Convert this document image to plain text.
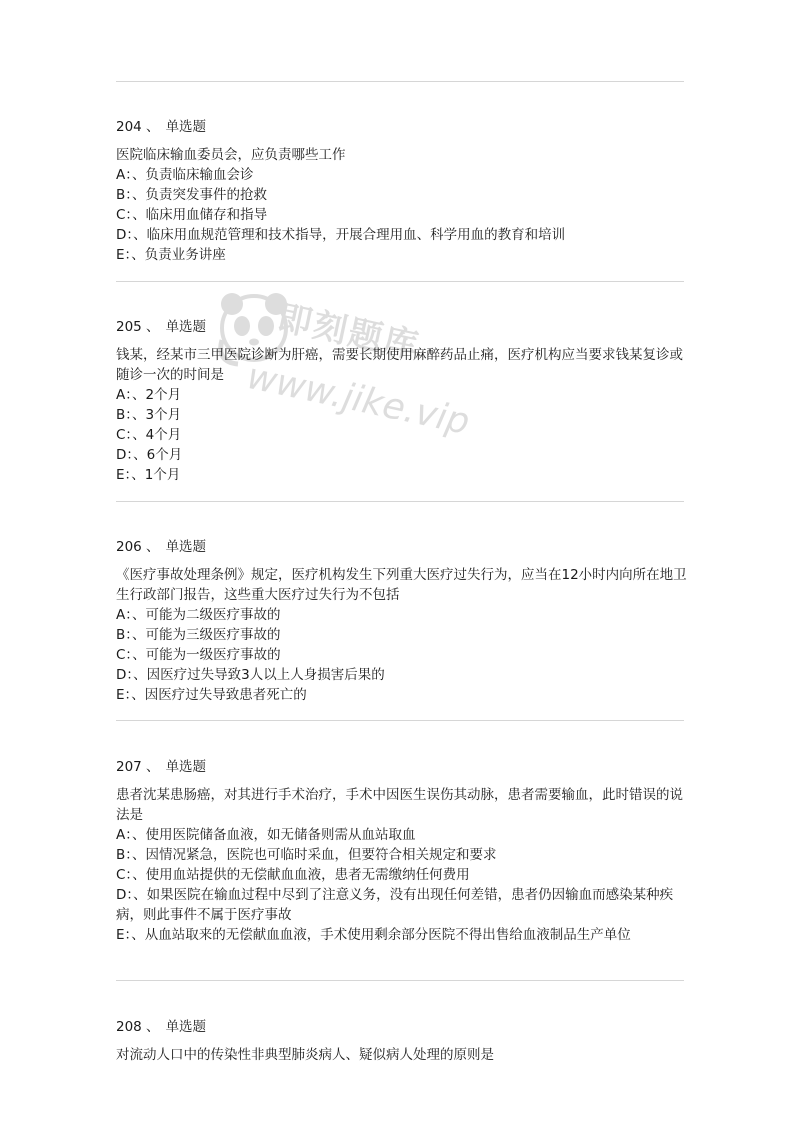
204 、 单选题
医院临床输血委员会，应负责哪些工作
A：、负责临床输血会诊
B：、负责突发事件的抢救
C：、临床用血储存和指导
D：、临床用血规范管理和技术指导，开展合理用血、科学用血的教育和培训
E：、负责业务讲座
205 、 单选题
钱某，经某市三甲医院诊断为肝癌，需要长期使用麻醉药品止痛，医疗机构应当要求钱某复诊或随诊一次的时间是
A：、2个月
B：、3个月
C：、4个月
D：、6个月
E：、1个月
206 、 单选题
《医疗事故处理条例》规定，医疗机构发生下列重大医疗过失行为，应当在12小时内向所在地卫生行政部门报告，这些重大医疗过失行为不包括
A：、可能为二级医疗事故的
B：、可能为三级医疗事故的
C：、可能为一级医疗事故的
D：、因医疗过失导致3人以上人身损害后果的
E：、因医疗过失导致患者死亡的
207 、 单选题
患者沈某患肠癌，对其进行手术治疗，手术中因医生误伤其动脉，患者需要输血，此时错误的说法是
A：、使用医院储备血液，如无储备则需从血站取血
B：、因情况紧急，医院也可临时采血，但要符合相关规定和要求
C：、使用血站提供的无偿献血血液，患者无需缴纳任何费用
D：、如果医院在输血过程中尽到了注意义务，没有出现任何差错，患者仍因输血而感染某种疾病，则此事件不属于医疗事故
E：、从血站取来的无偿献血血液，手术使用剩余部分医院不得出售给血液制品生产单位
208 、 单选题
对流动人口中的传染性非典型肺炎病人、疑似病人处理的原则是
即刻题库
www.jike.vip
